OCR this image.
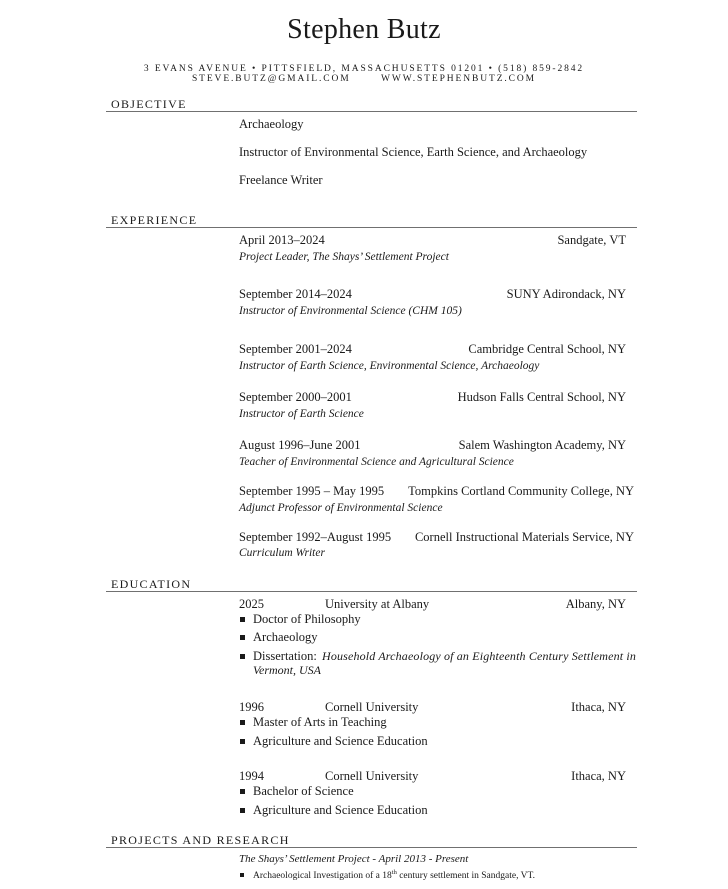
Stephen Butz
3 EVANS AVENUE • PITTSFIELD, MASSACHUSETTS 01201 • (518) 859-2842
STEVE.BUTZ@GMAIL.COM	WWW.STEPHENBUTZ.COM
OBJECTIVE
Archaeology
Instructor of Environmental Science, Earth Science, and Archaeology
Freelance Writer
EXPERIENCE
April 2013–2024	Sandgate, VT
Project Leader, The Shays’ Settlement Project
September 2014–2024	SUNY Adirondack, NY
Instructor of Environmental Science (CHM 105)
September 2001–2024	Cambridge Central School, NY
Instructor of Earth Science, Environmental Science, Archaeology
September 2000–2001	Hudson Falls Central School, NY
Instructor of Earth Science
August 1996–June 2001	Salem Washington Academy, NY
Teacher of Environmental Science and Agricultural Science
September 1995 – May 1995	Tompkins Cortland Community College, NY
Adjunct Professor of Environmental Science
September 1992–August 1995	Cornell Instructional Materials Service, NY
Curriculum Writer
EDUCATION
2025	University at Albany	Albany, NY
Doctor of Philosophy
Archaeology
Dissertation: Household Archaeology of an Eighteenth Century Settlement in
Vermont, USA
1996	Cornell University	Ithaca, NY
Master of Arts in Teaching
Agriculture and Science Education
1994	Cornell University	Ithaca, NY
Bachelor of Science
Agriculture and Science Education
PROJECTS AND RESEARCH
The Shays’ Settlement Project - April 2013 - Present
Archaeological Investigation of a 18th century settlement in Sandgate, VT.
